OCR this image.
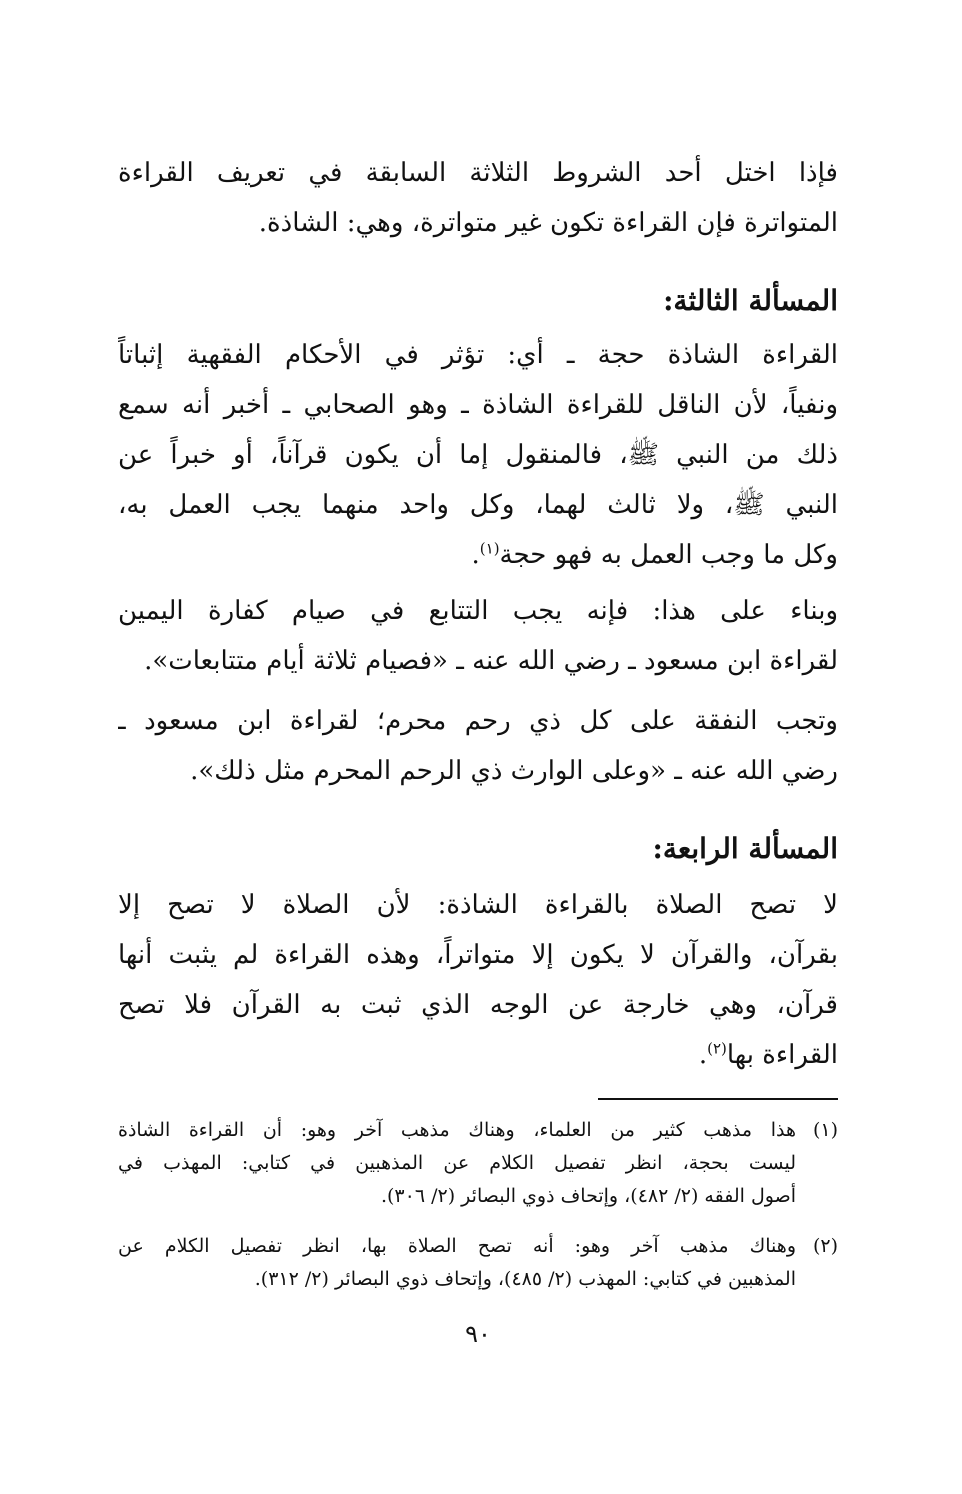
فإذا اختل أحد الشروط الثلاثة السابقة في تعريف القراءة
المتواترة فإن القراءة تكون غير متواترة، وهي: الشاذة.

المسألة الثالثة:

القراءة الشاذة حجة ـ أي: تؤثر في الأحكام الفقهية إثباتاً
ونفياً، لأن الناقل للقراءة الشاذة ـ وهو الصحابي ـ أخبر أنه سمع
ذلك من النبي ﷺ، فالمنقول إما أن يكون قرآناً، أو خبراً عن
النبي ﷺ، ولا ثالث لهما، وكل واحد منهما يجب العمل به،
وكل ما وجب العمل به فهو حجة$^{(١)}$.

وبناء على هذا: فإنه يجب التتابع في صيام كفارة اليمين
لقراءة ابن مسعود ـ رضي الله عنه ـ «فصيام ثلاثة أيام متتابعات».

وتجب النفقة على كل ذي رحم محرم؛ لقراءة ابن مسعود ـ
رضي الله عنه ـ «وعلى الوارث ذي الرحم المحرم مثل ذلك».

المسألة الرابعة:

لا تصح الصلاة بالقراءة الشاذة: لأن الصلاة لا تصح إلا
بقرآن، والقرآن لا يكون إلا متواتراً، وهذه القراءة لم يثبت أنها
قرآن، وهي خارجة عن الوجه الذي ثبت به القرآن فلا تصح
القراءة بها$^{(٢)}$.

(١)
هذا مذهب كثير من العلماء، وهناك مذهب آخر وهو: أن القراءة الشاذة
ليست بحجة، انظر تفصيل الكلام عن المذهبين في كتابي: المهذب في
أصول الفقه (٢/ ٤٨٢)، وإتحاف ذوي البصائر (٢/ ٣٠٦).
(٢)
وهناك مذهب آخر وهو: أنه تصح الصلاة بها، انظر تفصيل الكلام عن
المذهبين في كتابي: المهذب (٢/ ٤٨٥)، وإتحاف ذوي البصائر (٢/ ٣١٢).
٩٠
